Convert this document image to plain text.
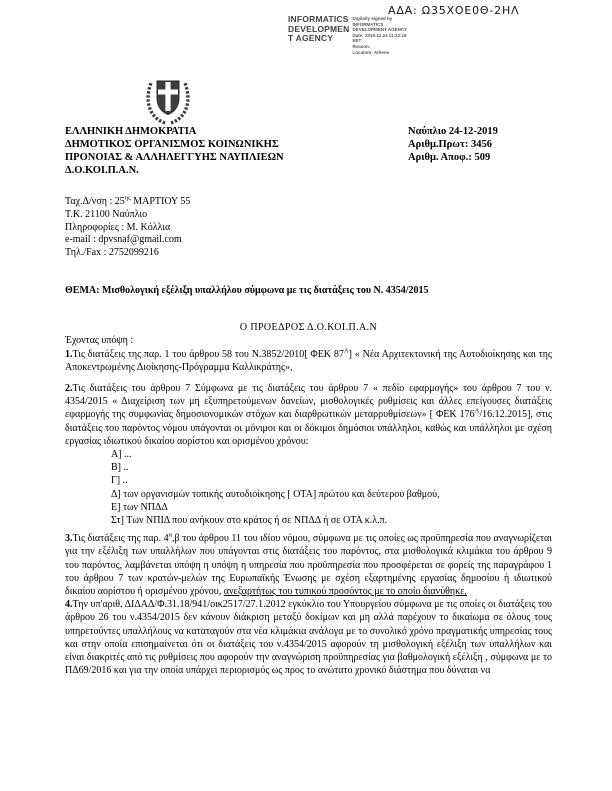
ΑΔΑ: Ω35ΧΟΕ0Θ-2ΗΛ
INFORMATICS
DEVELOPMEN
T AGENCY
Digitally signed by
INFORMATICS
DEVELOPMENT AGENCY
Date: 2019.12.24 11:22:18
EET
Reason:
Location: Athens
ΕΛΛΗΝΙΚΗ ΔΗΜΟΚΡΑΤΙΑ
ΔΗΜΟΤΙΚΟΣ ΟΡΓΑΝΙΣΜΟΣ ΚΟΙΝΩΝΙΚΗΣ
ΠΡΟΝΟΙΑΣ & ΑΛΛΗΛΕΓΓΥΗΣ ΝΑΥΠΛΙΕΩΝ
Δ.Ο.ΚΟΙ.Π.Α.Ν.
Ναύπλιο 24-12-2019
Αριθμ.Πρωτ: 3456
Αριθμ. Αποφ.: 509
Ταχ.Δ/νση : $25^{\eta\varsigma}$ ΜΑΡΤΙΟΥ 55
Τ.Κ. 21100 Ναύπλιο
Πληροφορίες : Μ. Κόλλια
e-mail : dpvsnaf@gmail.com
Τηλ./Fax : 2752099216

ΘΕΜΑ: Μισθολογική εξέλιξη υπαλλήλου σύμφωνα με τις διατάξεις του Ν. 4354/2015

Ο ΠΡΟΕΔΡΟΣ Δ.Ο.ΚΟΙ.Π.Α.Ν

Έχοντας υπόψη :

1.Τις διατάξεις της παρ. 1 του άρθρου 58 του Ν.3852/2010[ ΦΕΚ $87^A$] « Νέα Αρχιτεκτονική της Αυτοδιοίκησης και της Αποκεντρωμένης Διοίκησης-Πρόγραμμα Καλλικράτης»,

2.Τις διατάξεις του άρθρου 7 Σύμφωνα με τις διατάξεις του άρθρου 7 « πεδίο εφαρμογής» του άρθρου 7 του ν. 4354/2015 « Διαχείριση των μη εξυπηρετούμενων δανείων, μισθολογικές ρυθμίσεις και άλλες επείγουσες διατάξεις εφαρμογής της συμφωνίας δημοσιονομικών στόχων και διαρθρωτικών μεταρρυθμίσεων» [ ΦΕΚ $176^A/16.12.2015$], στις διατάξεις του παρόντος νόμου υπάγονται οι μόνιμοι και οι δόκιμοι δημόσιοι υπάλληλοι, καθώς και υπάλληλοι με σχέση εργασίας ιδιωτικού δικαίου αορίστου και ορισμένου χρόνου:

Α] ...
Β] ..
Γ] ..
Δ] των οργανισμών τοπικής αυτοδιοίκησης [ ΟΤΑ] πρώτου και δεύτερου βαθμού,
Ε] των ΝΠΔΔ
Στ] Των ΝΠΙΔ που ανήκουν στο κράτος ή σε ΝΠΔΔ ή σε ΟΤΑ κ.λ.π.

3.Τις διατάξεις της παρ. $4^\alpha,\beta$ του άρθρου 11 του ιδίου νόμου, σύμφωνα με τις οποίες ως προϋπηρεσία που αναγνωρίζεται για την εξέλιξη των υπαλλήλων που υπάγονται στις διατάξεις του παρόντος, στα μισθολογικά κλιμάκια του άρθρου 9 του παρόντος, λαμβάνεται υπόψη η υπόψη η υπηρεσία που προϋπηρεσία που προσφέρεται σε φορείς της παραγράφου 1 του άρθρου 7 των κρατών-μελών της Ευρωπαϊκής Ένωσης με σχέση εξαρτημένης εργασίας δημοσίου ή ιδιωτικού δικαίου αορίστου ή ορισμένου χρόνου, ανεξαρτήτως του τυπικού προσόντος με το οποίο διανύθηκε,

4.Την υπ'αριθ. ΔΙΔΑΔ/Φ.31.18/941/οικ2517/27.1.2012 εγκύκλιο του Υπουργείου σύμφωνα με τις οποίες οι διατάξεις του άρθρου 26 του ν.4354/2015 δεν κάνουν διάκριση μεταξύ δοκίμων και μη αλλά παρέχουν το δικαίωμα σε όλους τους υπηρετούντες υπαλλήλους να καταταγούν στα νέα κλιμάκια ανάλογα με το συνολικό χρόνο πραγματικής υπηρεσίας τους και στην οποία επισημαίνεται ότι οι διατάξεις του ν.4354/2015 αφορούν τη μισθολογική εξέλιξη των υπαλλήλων και είναι διακριτές από τις ρυθμίσεις που αφορούν την αναγνώριση προϋπηρεσίας για βαθμολογική εξέλιξη , σύμφωνα με το ΠΔ69/2016 και για την οποία υπάρχει περιορισμός ως προς το ανώτατο χρονικό διάστημα που δύναται να
